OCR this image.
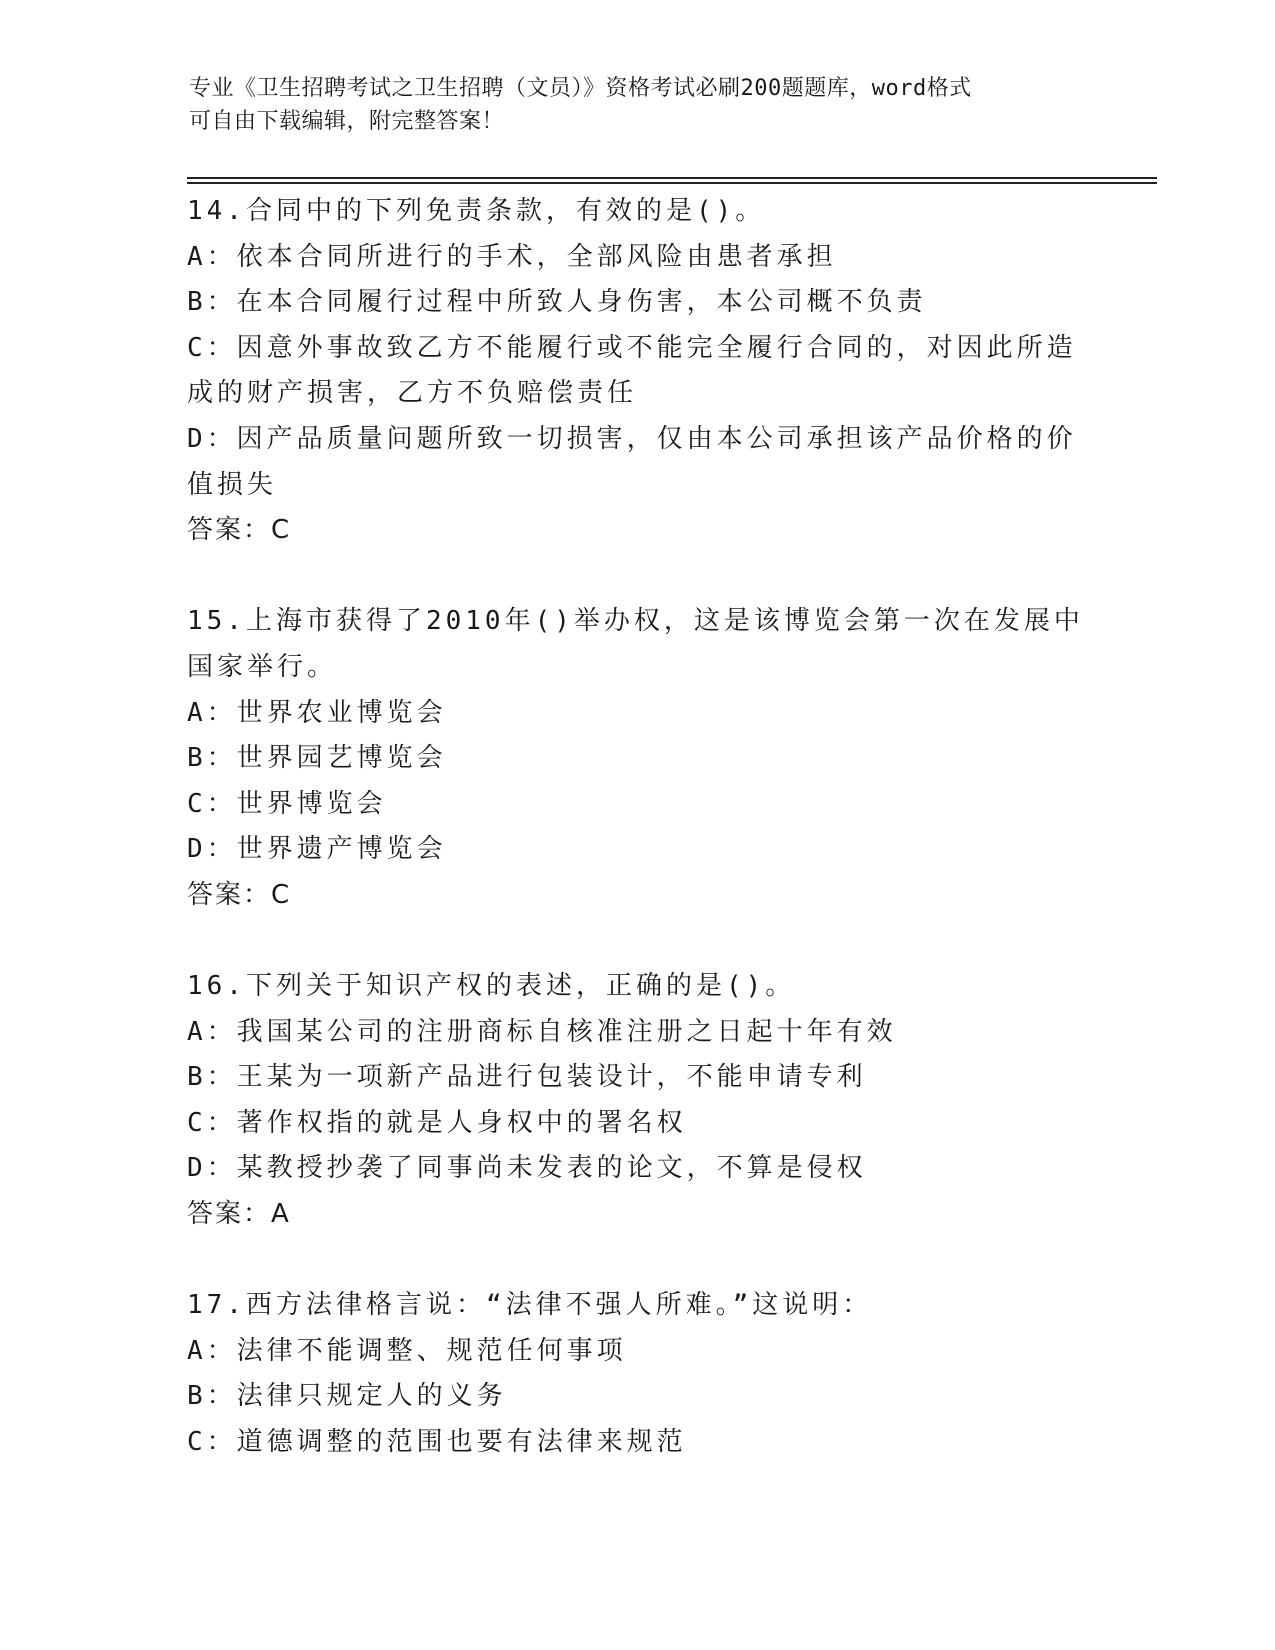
专业《卫生招聘考试之卫生招聘（文员）》资格考试必刷200题题库，word格式
可自由下载编辑，附完整答案！

14.合同中的下列免责条款，有效的是()。

A：依本合同所进行的手术，全部风险由患者承担

B：在本合同履行过程中所致人身伤害，本公司概不负责

C：因意外事故致乙方不能履行或不能完全履行合同的，对因此所造成的财产损害，乙方不负赔偿责任

D：因产品质量问题所致一切损害，仅由本公司承担该产品价格的价值损失

答案：C

15.上海市获得了2010年()举办权，这是该博览会第一次在发展中国家举行。

A：世界农业博览会

B：世界园艺博览会

C：世界博览会

D：世界遗产博览会

答案：C

16.下列关于知识产权的表述，正确的是()。

A：我国某公司的注册商标自核准注册之日起十年有效

B：王某为一项新产品进行包装设计，不能申请专利

C：著作权指的就是人身权中的署名权

D：某教授抄袭了同事尚未发表的论文，不算是侵权

答案：A

17.西方法律格言说：“法律不强人所难。”这说明：

A：法律不能调整、规范任何事项

B：法律只规定人的义务

C：道德调整的范围也要有法律来规范
